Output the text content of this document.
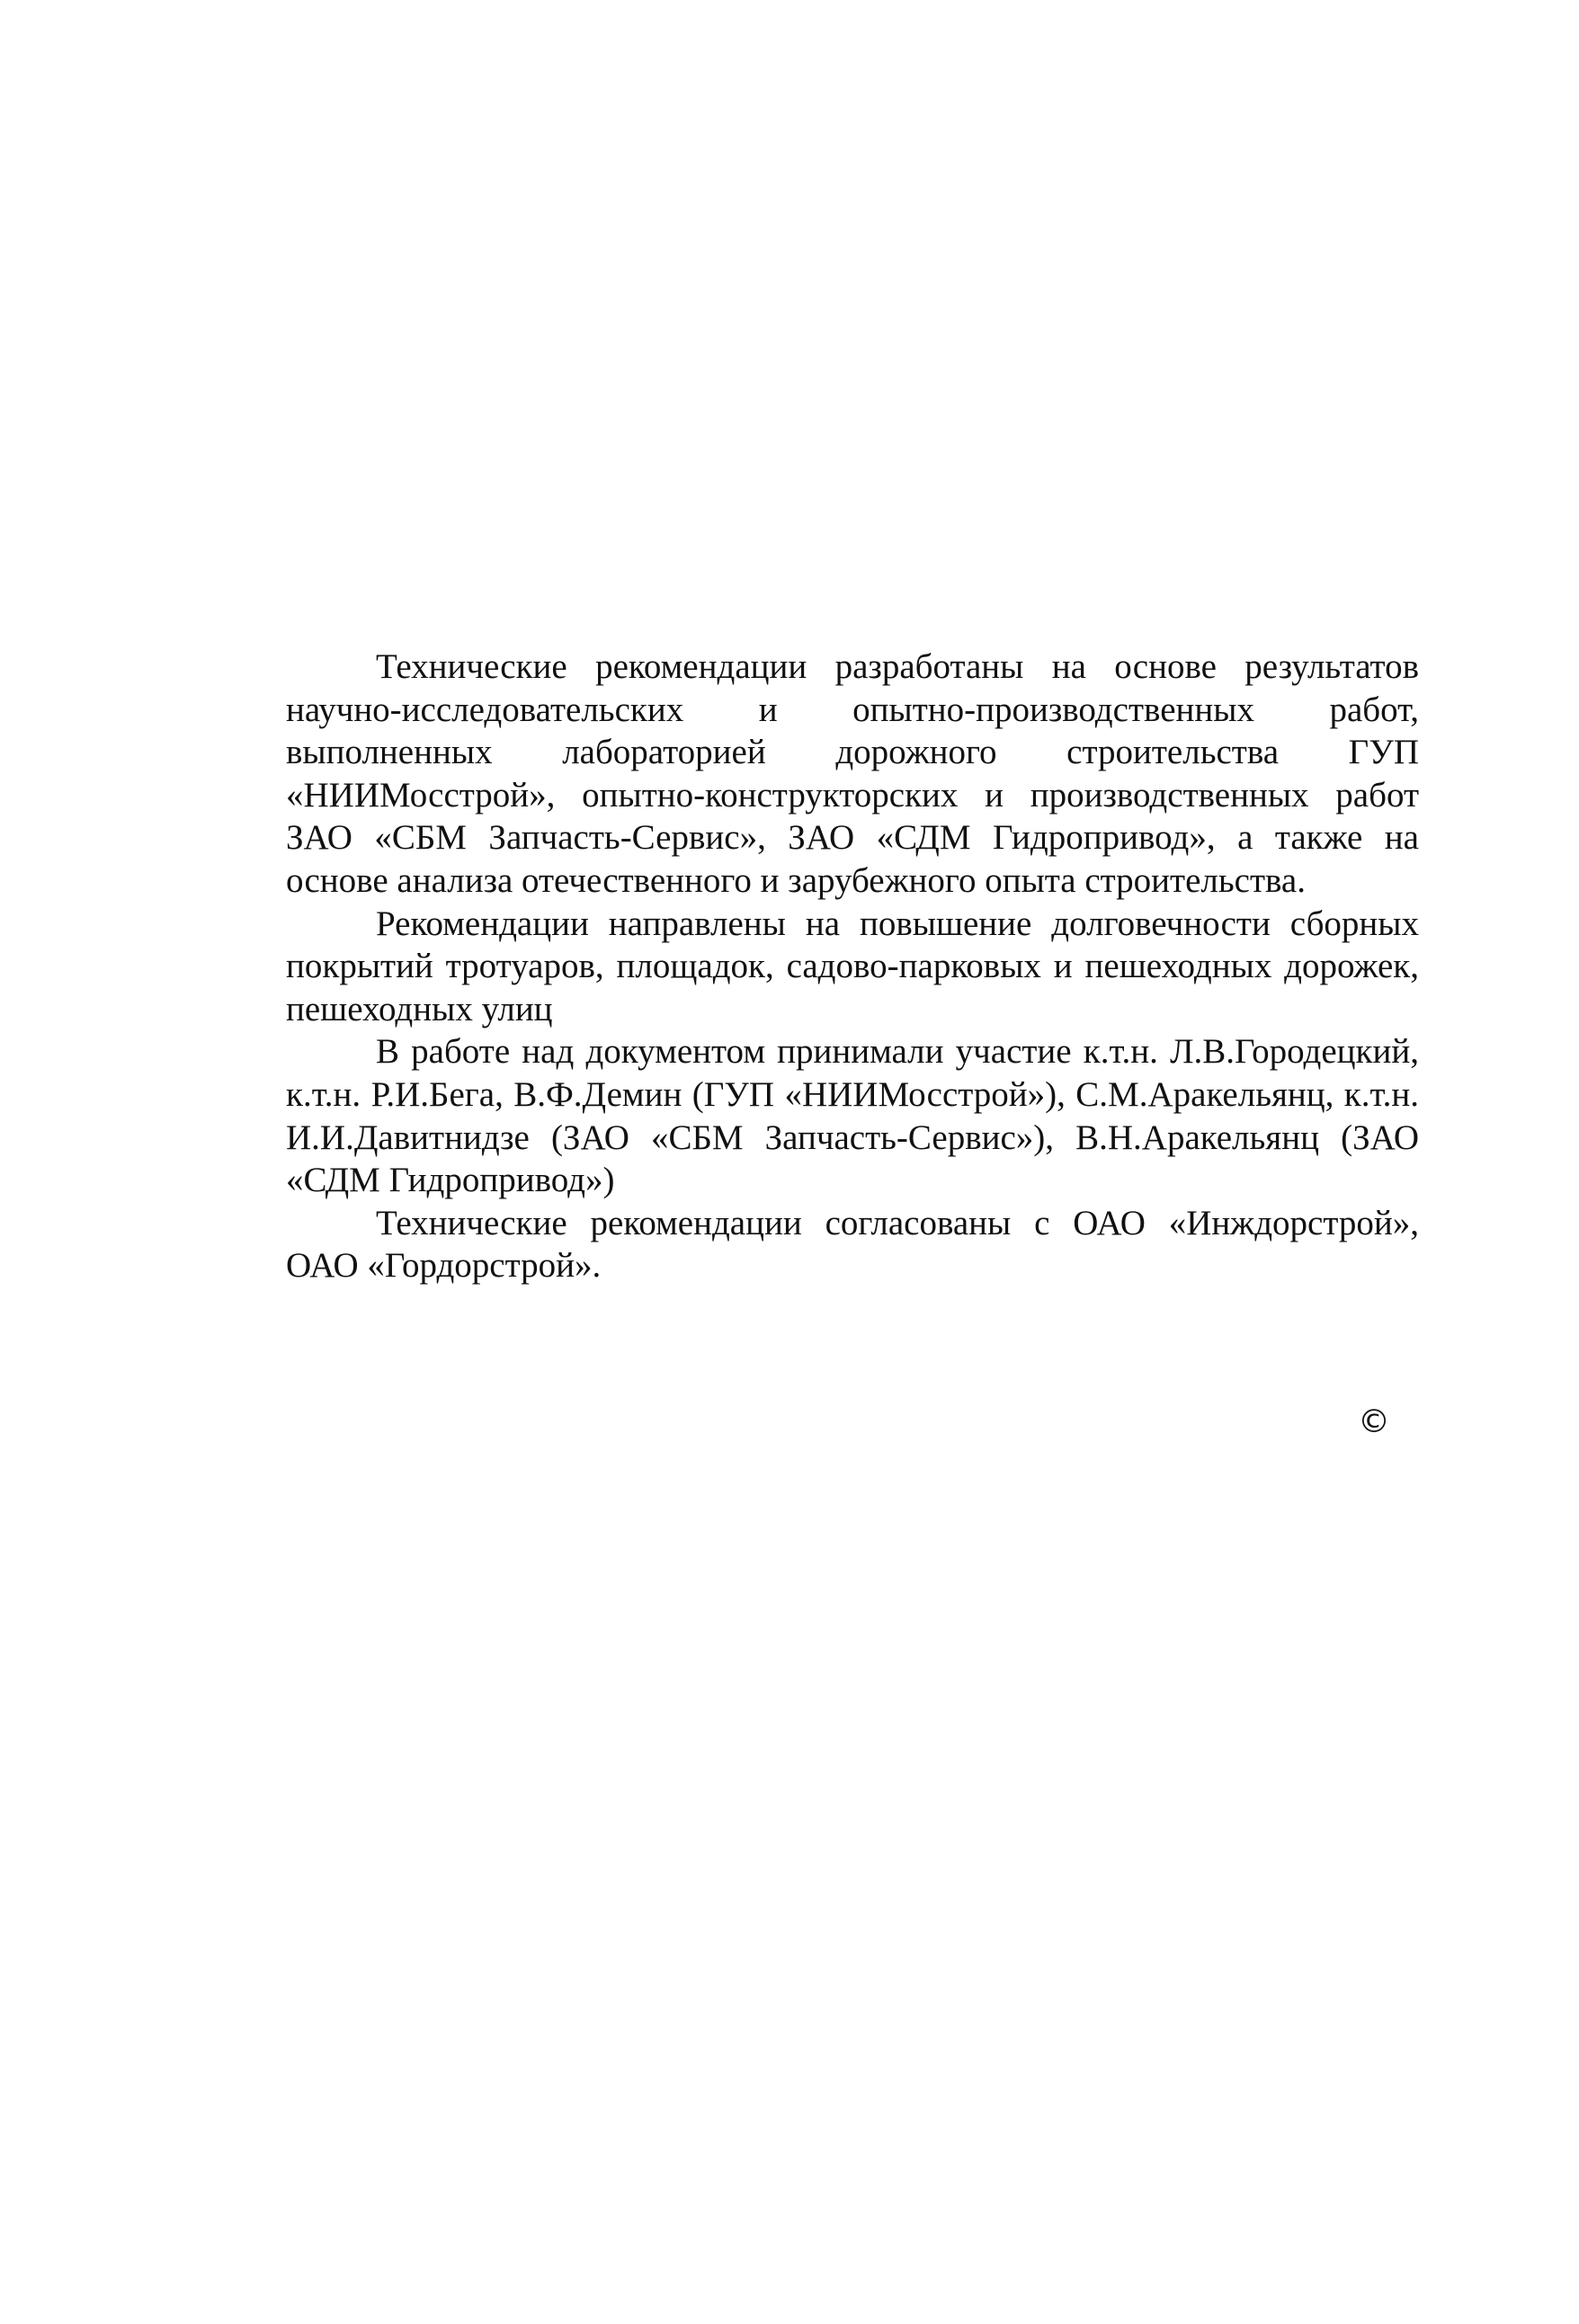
Технические рекомендации разработаны на основе результатов научно-исследовательских и опытно-производственных работ, выполненных лабораторией дорожного строительства ГУП «НИИМосстрой», опытно-конструкторских и производственных работ ЗАО «СБМ Запчасть-Сервис», ЗАО «СДМ Гидропривод», а также на основе анализа отечественного и зарубежного опыта строительства.

Рекомендации направлены на повышение долговечности сборных покрытий тротуаров, площадок, садово-парковых и пешеходных дорожек, пешеходных улиц

В работе над документом принимали участие к.т.н. Л.В.Городецкий, к.т.н. Р.И.Бега, В.Ф.Демин (ГУП «НИИМосстрой»), С.М.Аракельянц, к.т.н. И.И.Давитнидзе (ЗАО «СБМ Запчасть-Сервис»), В.Н.Аракельянц (ЗАО «СДМ Гидропривод»)

Технические рекомендации согласованы с ОАО «Инждорстрой», ОАО «Гордорстрой».

©
